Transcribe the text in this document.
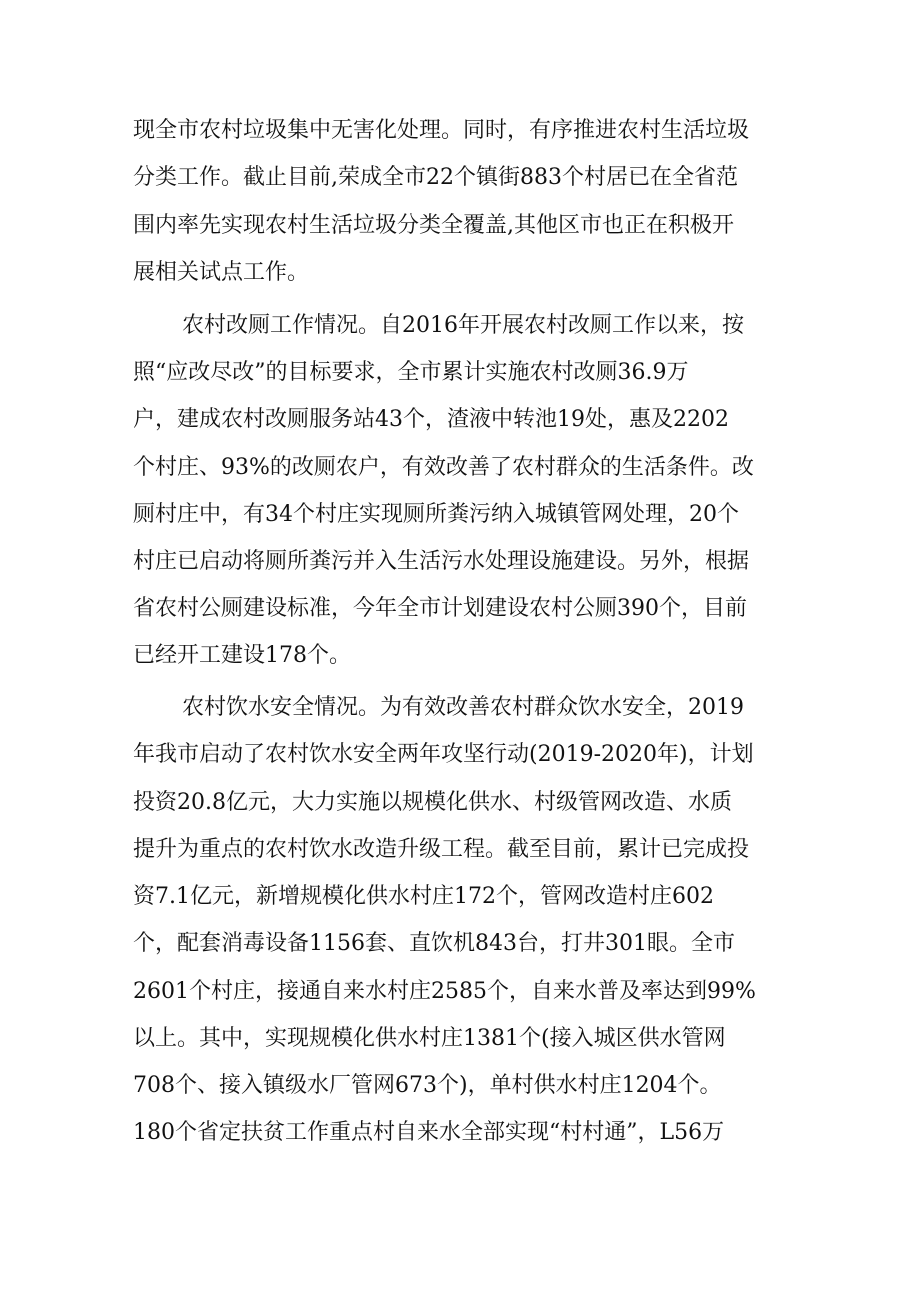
现全市农村垃圾集中无害化处理。同时，有序推进农村生活垃圾
分类工作。截止目前,荣成全市22个镇街883个村居已在全省范
围内率先实现农村生活垃圾分类全覆盖,其他区市也正在积极开
展相关试点工作。
农村改厕工作情况。自2016年开展农村改厕工作以来，按
照“应改尽改”的目标要求，全市累计实施农村改厕36.9万
户，建成农村改厕服务站43个，渣液中转池19处，惠及2202
个村庄、93%的改厕农户，有效改善了农村群众的生活条件。改
厕村庄中，有34个村庄实现厕所粪污纳入城镇管网处理，20个
村庄已启动将厕所粪污并入生活污水处理设施建设。另外，根据
省农村公厕建设标准，今年全市计划建设农村公厕390个，目前
已经开工建设178个。
农村饮水安全情况。为有效改善农村群众饮水安全，2019
年我市启动了农村饮水安全两年攻坚行动(2019-2020年)，计划
投资20.8亿元，大力实施以规模化供水、村级管网改造、水质
提升为重点的农村饮水改造升级工程。截至目前，累计已完成投
资7.1亿元，新增规模化供水村庄172个，管网改造村庄602
个，配套消毒设备1156套、直饮机843台，打井301眼。全市
2601个村庄，接通自来水村庄2585个，自来水普及率达到99%
以上。其中，实现规模化供水村庄1381个(接入城区供水管网
708个、接入镇级水厂管网673个)，单村供水村庄1204个。
180个省定扶贫工作重点村自来水全部实现“村村通”，L56万
